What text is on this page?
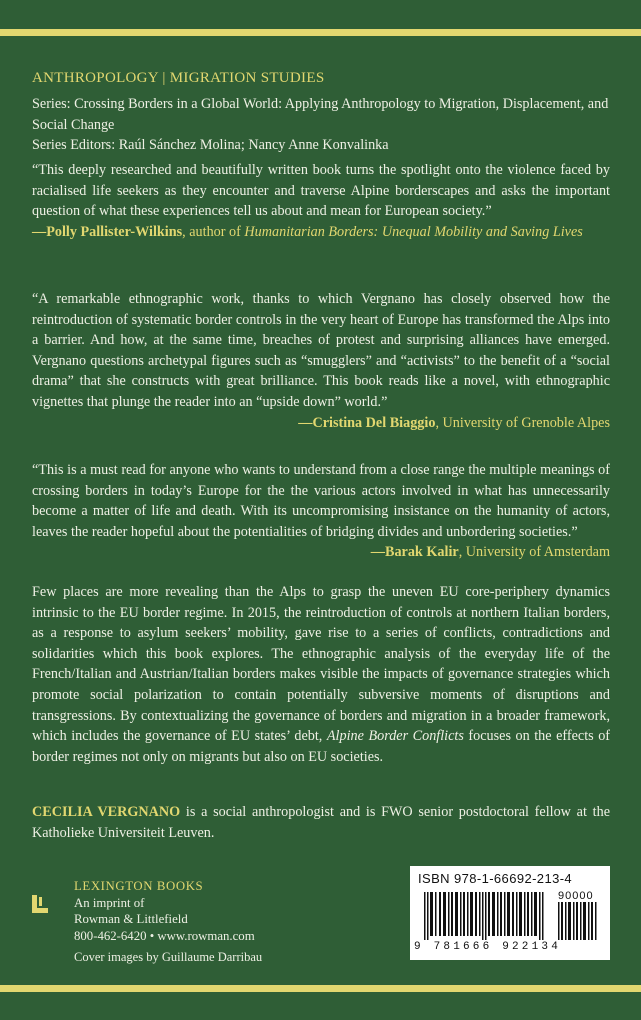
ANTHROPOLOGY | MIGRATION STUDIES
Series: Crossing Borders in a Global World: Applying Anthropology to Migration, Displacement, and Social Change
Series Editors: Raúl Sánchez Molina; Nancy Anne Konvalinka
“This deeply researched and beautifully written book turns the spotlight onto the violence faced by racialised life seekers as they encounter and traverse Alpine borderscapes and asks the important question of what these experiences tell us about and mean for European society.”
—Polly Pallister-Wilkins, author of Humanitarian Borders: Unequal Mobility and Saving Lives
“A remarkable ethnographic work, thanks to which Vergnano has closely observed how the reintroduction of systematic border controls in the very heart of Europe has transformed the Alps into a barrier. And how, at the same time, breaches of protest and surprising alliances have emerged. Vergnano questions archetypal figures such as “smugglers” and “activists” to the benefit of a “social drama” that she constructs with great brilliance. This book reads like a novel, with ethnographic vignettes that plunge the reader into an “upside down” world.”
—Cristina Del Biaggio, University of Grenoble Alpes
“This is a must read for anyone who wants to understand from a close range the multiple meanings of crossing borders in today’s Europe for the the various actors involved in what has unnecessarily become a matter of life and death. With its uncompromising insistance on the humanity of actors, leaves the reader hopeful about the potentialities of bridging divides and unbordering societies.”
—Barak Kalir, University of Amsterdam
Few places are more revealing than the Alps to grasp the uneven EU core-periphery dynamics intrinsic to the EU border regime. In 2015, the reintroduction of controls at northern Italian borders, as a response to asylum seekers’ mobility, gave rise to a series of conflicts, contradictions and solidarities which this book explores. The ethnographic analysis of the everyday life of the French/Italian and Austrian/Italian borders makes visible the impacts of governance strategies which promote social polarization to contain potentially subversive moments of disruptions and transgressions. By contextualizing the governance of borders and migration in a broader framework, which includes the governance of EU states’ debt, Alpine Border Conflicts focuses on the effects of border regimes not only on migrants but also on EU societies.
CECILIA VERGNANO is a social anthropologist and is FWO senior postdoctoral fellow at the Katholieke Universiteit Leuven.
LEXINGTON BOOKS
An imprint of
Rowman & Littlefield
800-462-6420 • www.rowman.com
Cover images by Guillaume Darribau
ISBN 978-1-66692-213-4
90000
9 781666 922134
